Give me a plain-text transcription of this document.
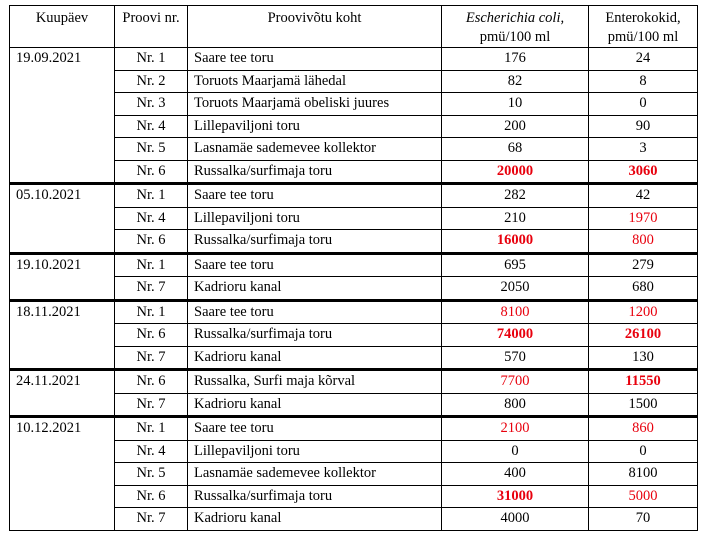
Kuupäev	Proovi nr.	Proovivõtu koht	Escherichia coli,
pmü/100 ml	Enterokokid, pmü/100 ml
19.09.2021	Nr. 1	Saare tee toru	176	24
	Nr. 2	Toruots Maarjamä lähedal	82	8
	Nr. 3	Toruots Maarjamä obeliski juures	10	0
	Nr. 4	Lillepaviljoni toru	200	90
	Nr. 5	Lasnamäe sademevee kollektor	68	3
	Nr. 6	Russalka/surfimaja toru	20000	3060
05.10.2021	Nr. 1	Saare tee toru	282	42
	Nr. 4	Lillepaviljoni toru	210	1970
	Nr. 6	Russalka/surfimaja toru	16000	800
19.10.2021	Nr. 1	Saare tee toru	695	279
	Nr. 7	Kadrioru kanal	2050	680
18.11.2021	Nr. 1	Saare tee toru	8100	1200
	Nr. 6	Russalka/surfimaja toru	74000	26100
	Nr. 7	Kadrioru kanal	570	130
24.11.2021	Nr. 6	Russalka, Surfi maja kõrval	7700	11550
	Nr. 7	Kadrioru kanal	800	1500
10.12.2021	Nr. 1	Saare tee toru	2100	860
	Nr. 4	Lillepaviljoni toru	0	0
	Nr. 5	Lasnamäe sademevee kollektor	400	8100
	Nr. 6	Russalka/surfimaja toru	31000	5000
	Nr. 7	Kadrioru kanal	4000	70
